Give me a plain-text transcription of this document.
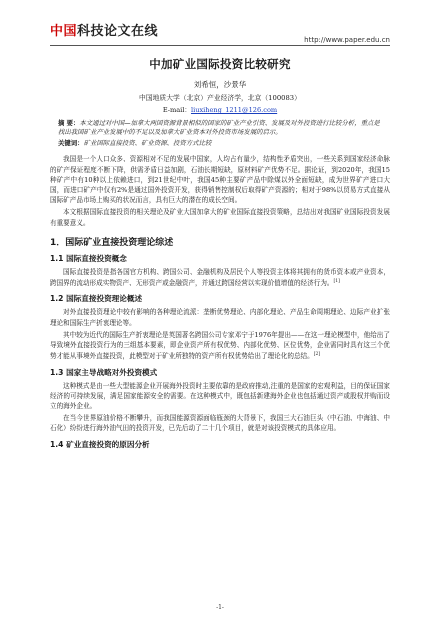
中国科技论文在线
http://www.paper.edu.cn
中加矿业国际投资比较研究
刘希恒，沙景华
中国地质大学（北京）产业经济学，北京（100083）
E-mail：liuxiheng_1211@126.com
摘 要：本文通过对中国—加拿大两国资源背景相似的国家的矿业产业引资、发展及对外投资进行比较分析，重点是找出我国矿业产业发展中的不足以及加拿大矿业资本对外投资市场发展的启示。
关键词：矿业国际直接投资、矿业资源、投资方式比较

我国是一个人口众多、资源相对不足的发展中国家，人均占有量少，结构性矛盾突出，一些关系到国家经济命脉的矿产保证程度不断下降，供需矛盾日益加剧，石油长期短缺，原材料矿产优势不足。据论证，到2020年，我国15种矿产中有10种以上依赖进口，到21世纪中叶，我国45种主要矿产品中除煤以外全面短缺，成为世界矿产进口大国，而进口矿产中仅有2%是通过国外投资开发，获得销售控制权后取得矿产资源的；相对于98%以贸易方式直接从国际矿产品市场上购买的状况而言，具有巨大的潜在的成长空间。

本文根据国际直接投资的相关理论及矿业大国加拿大的矿业国际直接投资策略，总结出对我国矿业国际投资发展有重要意义。

1．国际矿业直接投资理论综述
1.1 国际直接投资概念

国际直接投资是指各国官方机构、跨国公司、金融机构及居民个人等投资主体将其拥有的货币资本或产业资本，跨国界的流动形成实物资产、无形资产或金融资产，并通过跨国经营以实现价值增值的经济行为。[1]

1.2 国际直接投资理论概述

对外直接投资理论中较有影响的各种理论流派：垄断优势理论、内部化理论、产品生命周期理论、边际产业扩张理论和国际生产折衷理论等。

其中较为近代的国际生产折衷理论是英国著名跨国公司专家邓宁于1976年提出——在这一理论模型中，他给出了导致境外直接投资行为的三组基本要素，即企业资产所有权优势、内部化优势、区位优势，企业需同时具有这三个优势才能从事境外直接投资，此模型对于矿业所独特的资产所有权优势给出了理论化的总结。[2]

1.3 国家主导战略对外投资模式

这种模式是由一些大型能源企业开展海外投资时主要依靠的是政府推动,注重的是国家的宏观利益，目的保证国家经济的可持续发展，满足国家能源安全的需要。在这种模式中，既包括新建海外企业也包括通过资产或股权并购而设立的海外企业。

在当今世界原油价格不断攀升，而我国能源资源面临瓶颈的大背景下，我国三大石油巨头（中石油、中海油、中石化）纷纷进行海外油气田的投资开发，已先后动了二十几个项目，就是对该投资模式的具体应用。

1.4 矿业直接投资的原因分析
-1-
